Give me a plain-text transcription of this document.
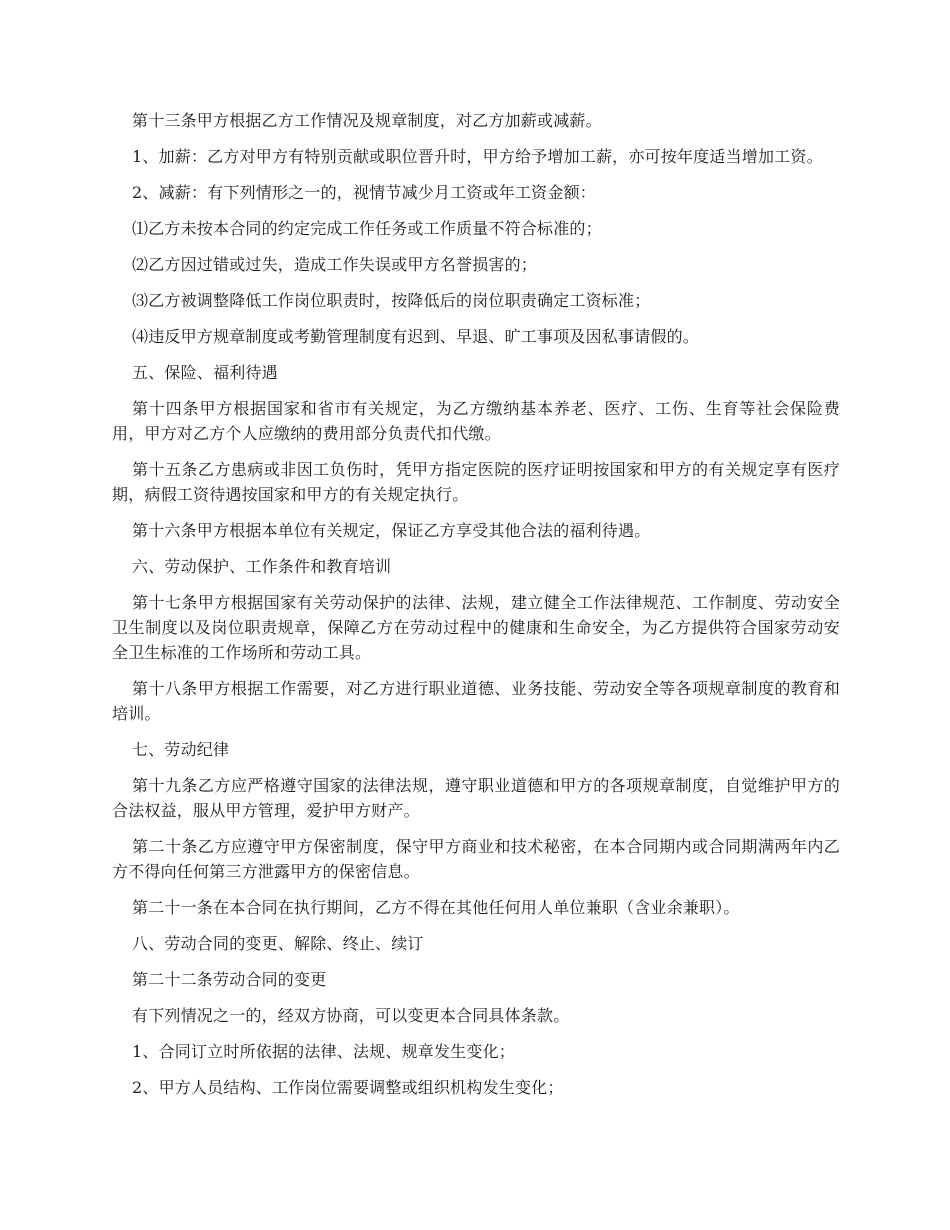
第十三条甲方根据乙方工作情况及规章制度，对乙方加薪或减薪。

1、加薪：乙方对甲方有特别贡献或职位晋升时，甲方给予增加工薪，亦可按年度适当增加工资。

2、减薪：有下列情形之一的，视情节减少月工资或年工资金额：

⑴乙方未按本合同的约定完成工作任务或工作质量不符合标准的；

⑵乙方因过错或过失，造成工作失误或甲方名誉损害的；

⑶乙方被调整降低工作岗位职责时，按降低后的岗位职责确定工资标准；

⑷违反甲方规章制度或考勤管理制度有迟到、早退、旷工事项及因私事请假的。

五、保险、福利待遇

第十四条甲方根据国家和省市有关规定，为乙方缴纳基本养老、医疗、工伤、生育等社会保险费用，甲方对乙方个人应缴纳的费用部分负责代扣代缴。

第十五条乙方患病或非因工负伤时，凭甲方指定医院的医疗证明按国家和甲方的有关规定享有医疗期，病假工资待遇按国家和甲方的有关规定执行。

第十六条甲方根据本单位有关规定，保证乙方享受其他合法的福利待遇。

六、劳动保护、工作条件和教育培训

第十七条甲方根据国家有关劳动保护的法律、法规，建立健全工作法律规范、工作制度、劳动安全卫生制度以及岗位职责规章，保障乙方在劳动过程中的健康和生命安全，为乙方提供符合国家劳动安全卫生标准的工作场所和劳动工具。

第十八条甲方根据工作需要，对乙方进行职业道德、业务技能、劳动安全等各项规章制度的教育和培训。

七、劳动纪律

第十九条乙方应严格遵守国家的法律法规，遵守职业道德和甲方的各项规章制度，自觉维护甲方的合法权益，服从甲方管理，爱护甲方财产。

第二十条乙方应遵守甲方保密制度，保守甲方商业和技术秘密，在本合同期内或合同期满两年内乙方不得向任何第三方泄露甲方的保密信息。

第二十一条在本合同在执行期间，乙方不得在其他任何用人单位兼职（含业余兼职）。

八、劳动合同的变更、解除、终止、续订

第二十二条劳动合同的变更

有下列情况之一的，经双方协商，可以变更本合同具体条款。

1、合同订立时所依据的法律、法规、规章发生变化；

2、甲方人员结构、工作岗位需要调整或组织机构发生变化；
